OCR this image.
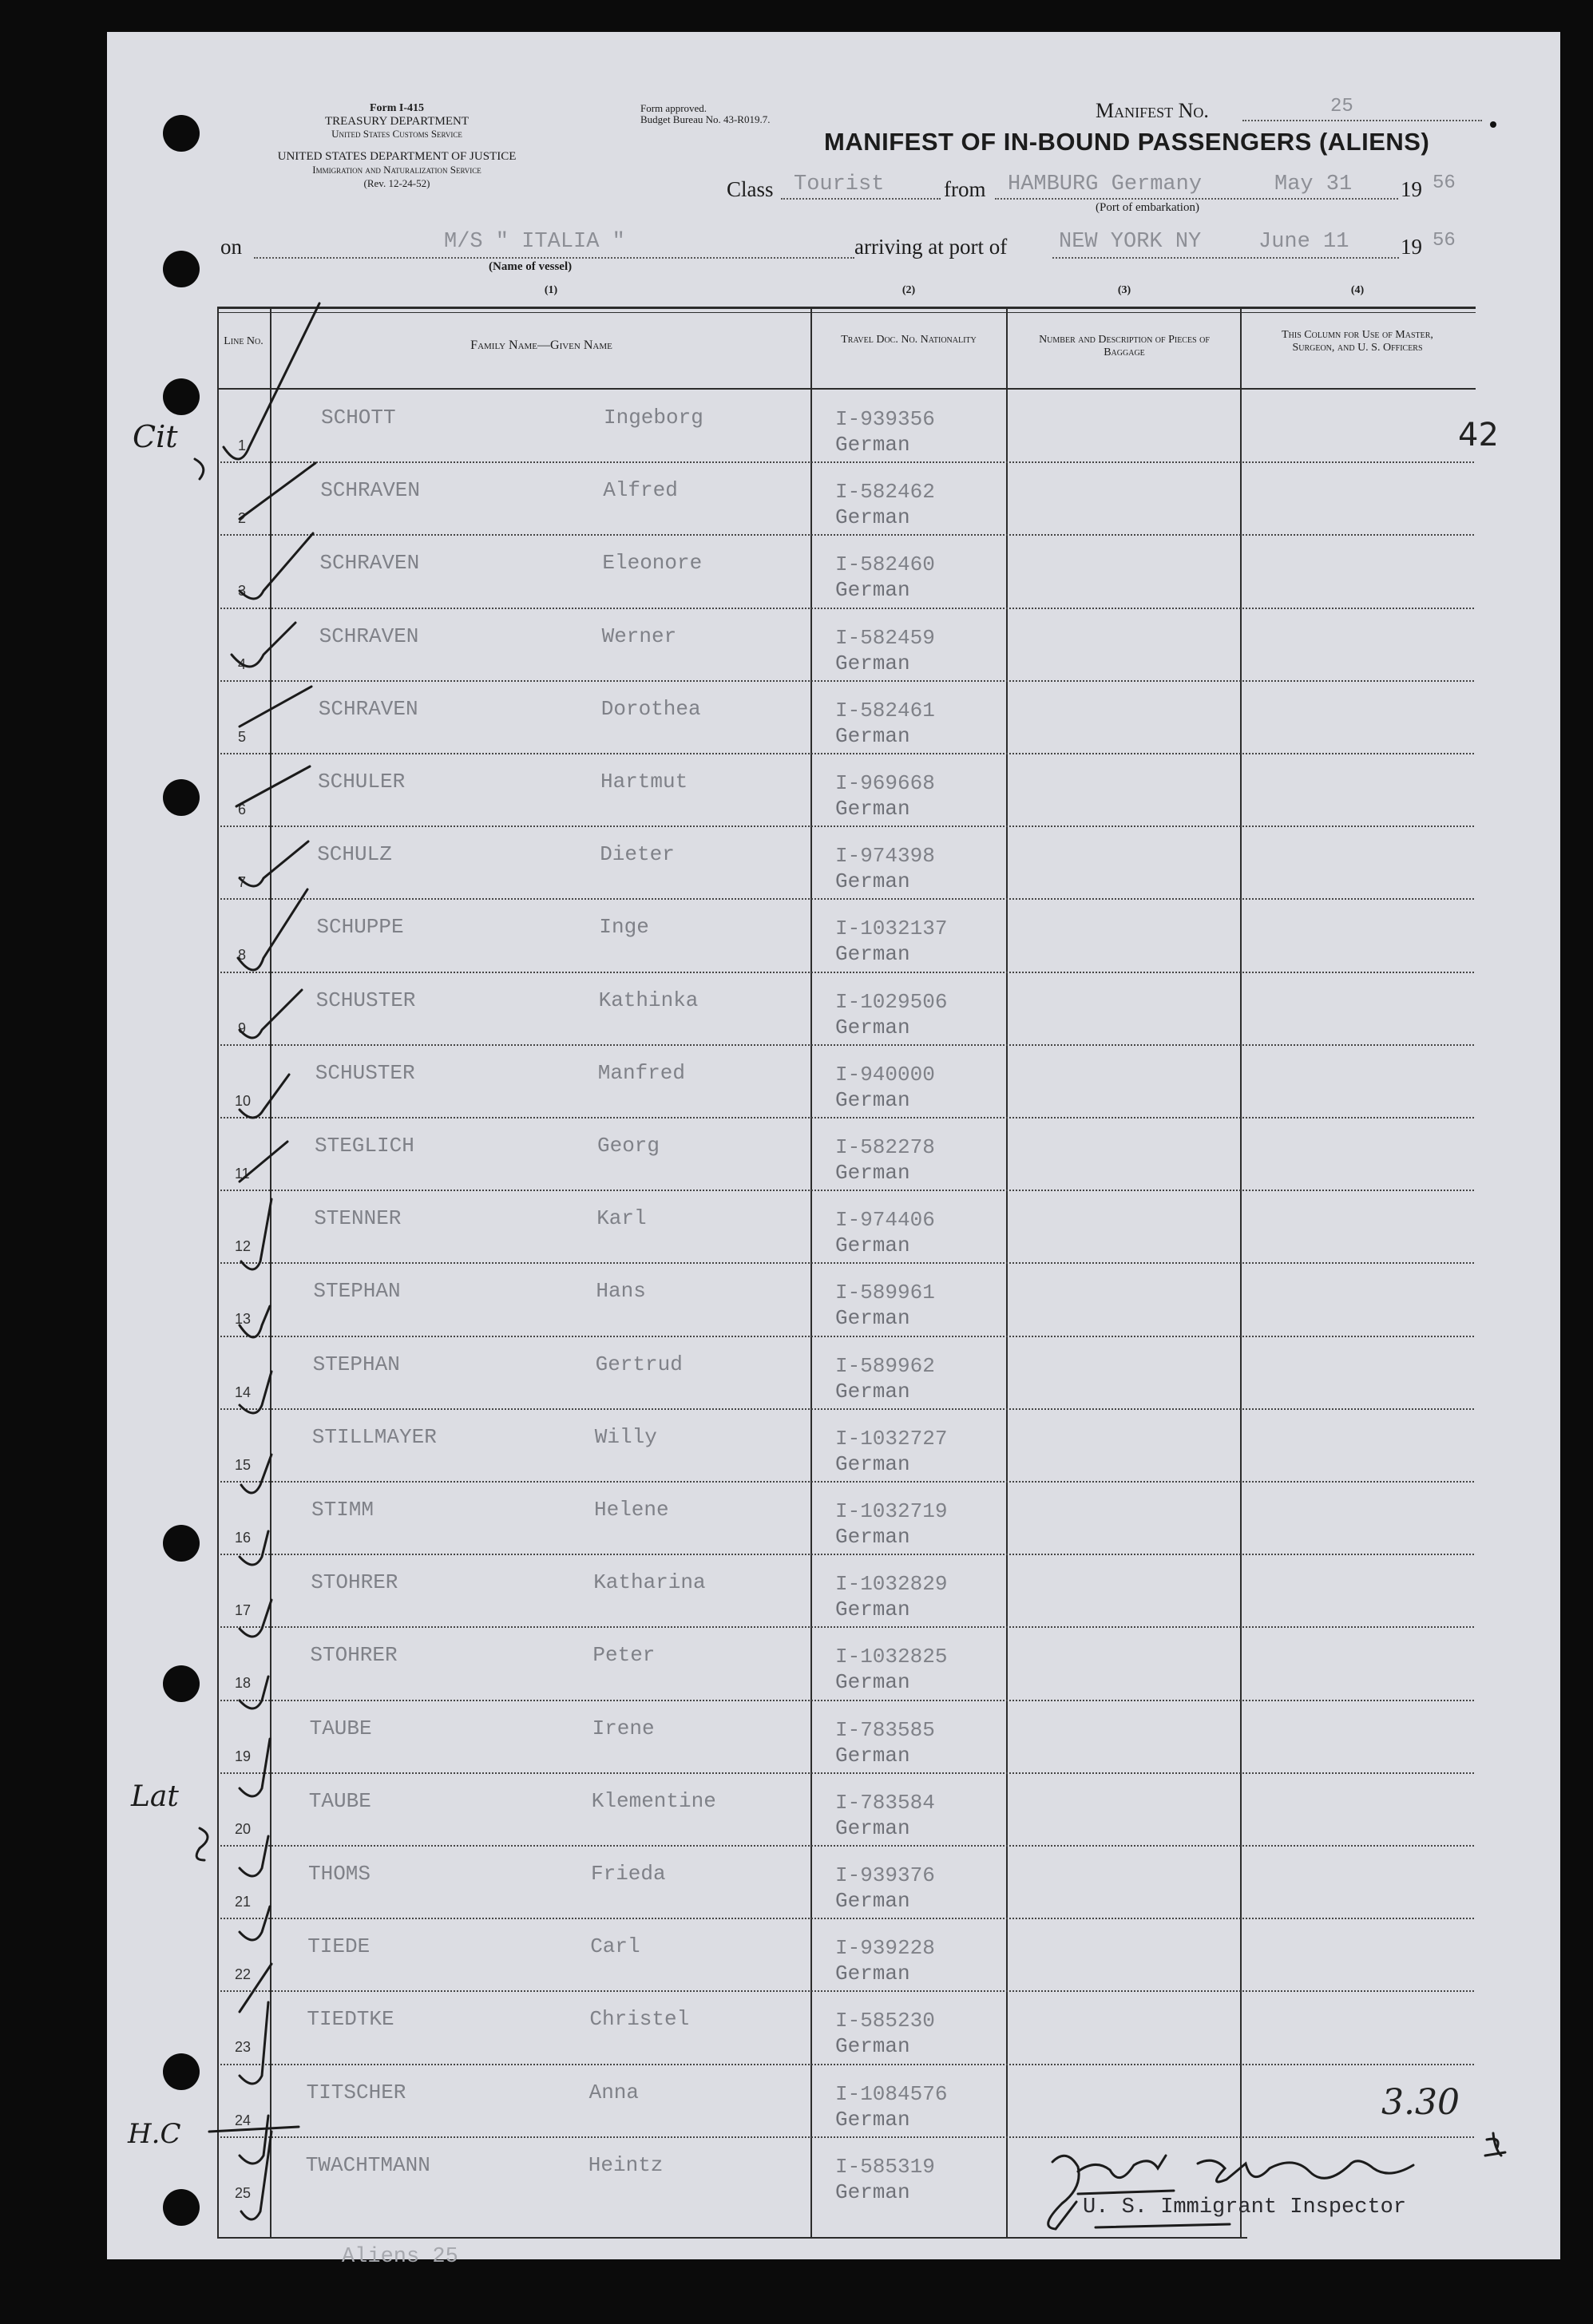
Form I-415
TREASURY DEPARTMENT
United States Customs Service
UNITED STATES DEPARTMENT OF JUSTICE
Immigration and Naturalization Service
(Rev. 12-24-52)
Form approved.
Budget Bureau No. 43-R019.7.	Manifest No.	25
MANIFEST OF IN-BOUND PASSENGERS (ALIENS)
Class Tourist	from HAMBURG Germany	May 31 19 56
(Port of embarkation)
on	M/S " ITALIA "
(Name of vessel)
arriving at port of NEW YORK NY	June 11 19 56
(1)	(2)	(3)	(4)
Line No.	Family Name—Given Name	Travel Doc. No. Nationality	Number and Description of Pieces of Baggage
This Column for Use of Master, Surgeon, and U. S. Officers
1
SCHOTT	Ingeborg	I-939356
German
2
SCHRAVEN	Alfred	I-582462
German
3
SCHRAVEN	Eleonore	I-582460
German
4
SCHRAVEN	Werner	I-582459
German
5
SCHRAVEN	Dorothea	I-582461
German
6
SCHULER	Hartmut	I-969668
German
7
SCHULZ	Dieter	I-974398
German
8
SCHUPPE	Inge	I-1032137
German
9
SCHUSTER	Kathinka	I-1029506
German
10
SCHUSTER	Manfred	I-940000
German
11
STEGLICH	Georg	I-582278
German
12
STENNER	Karl	I-974406
German
13
STEPHAN	Hans	I-589961
German
14
STEPHAN	Gertrud	I-589962
German
15
STILLMAYER	Willy	I-1032727
German
16
STIMM	Helene	I-1032719
German
17
STOHRER	Katharina	I-1032829
German
18
STOHRER	Peter	I-1032825
German
19
TAUBE	Irene	I-783585
German
20
TAUBE	Klementine	I-783584
German
21
THOMS	Frieda	I-939376
German
22
TIEDE	Carl	I-939228
German
23
TIEDTKE	Christel	I-585230
German
24
TITSCHER	Anna	I-1084576
German
25
TWACHTMANN	Heintz	I-585319
German
42
3.30
U. S. Immigrant Inspector
Aliens 25
Cit
Lat
H.C
